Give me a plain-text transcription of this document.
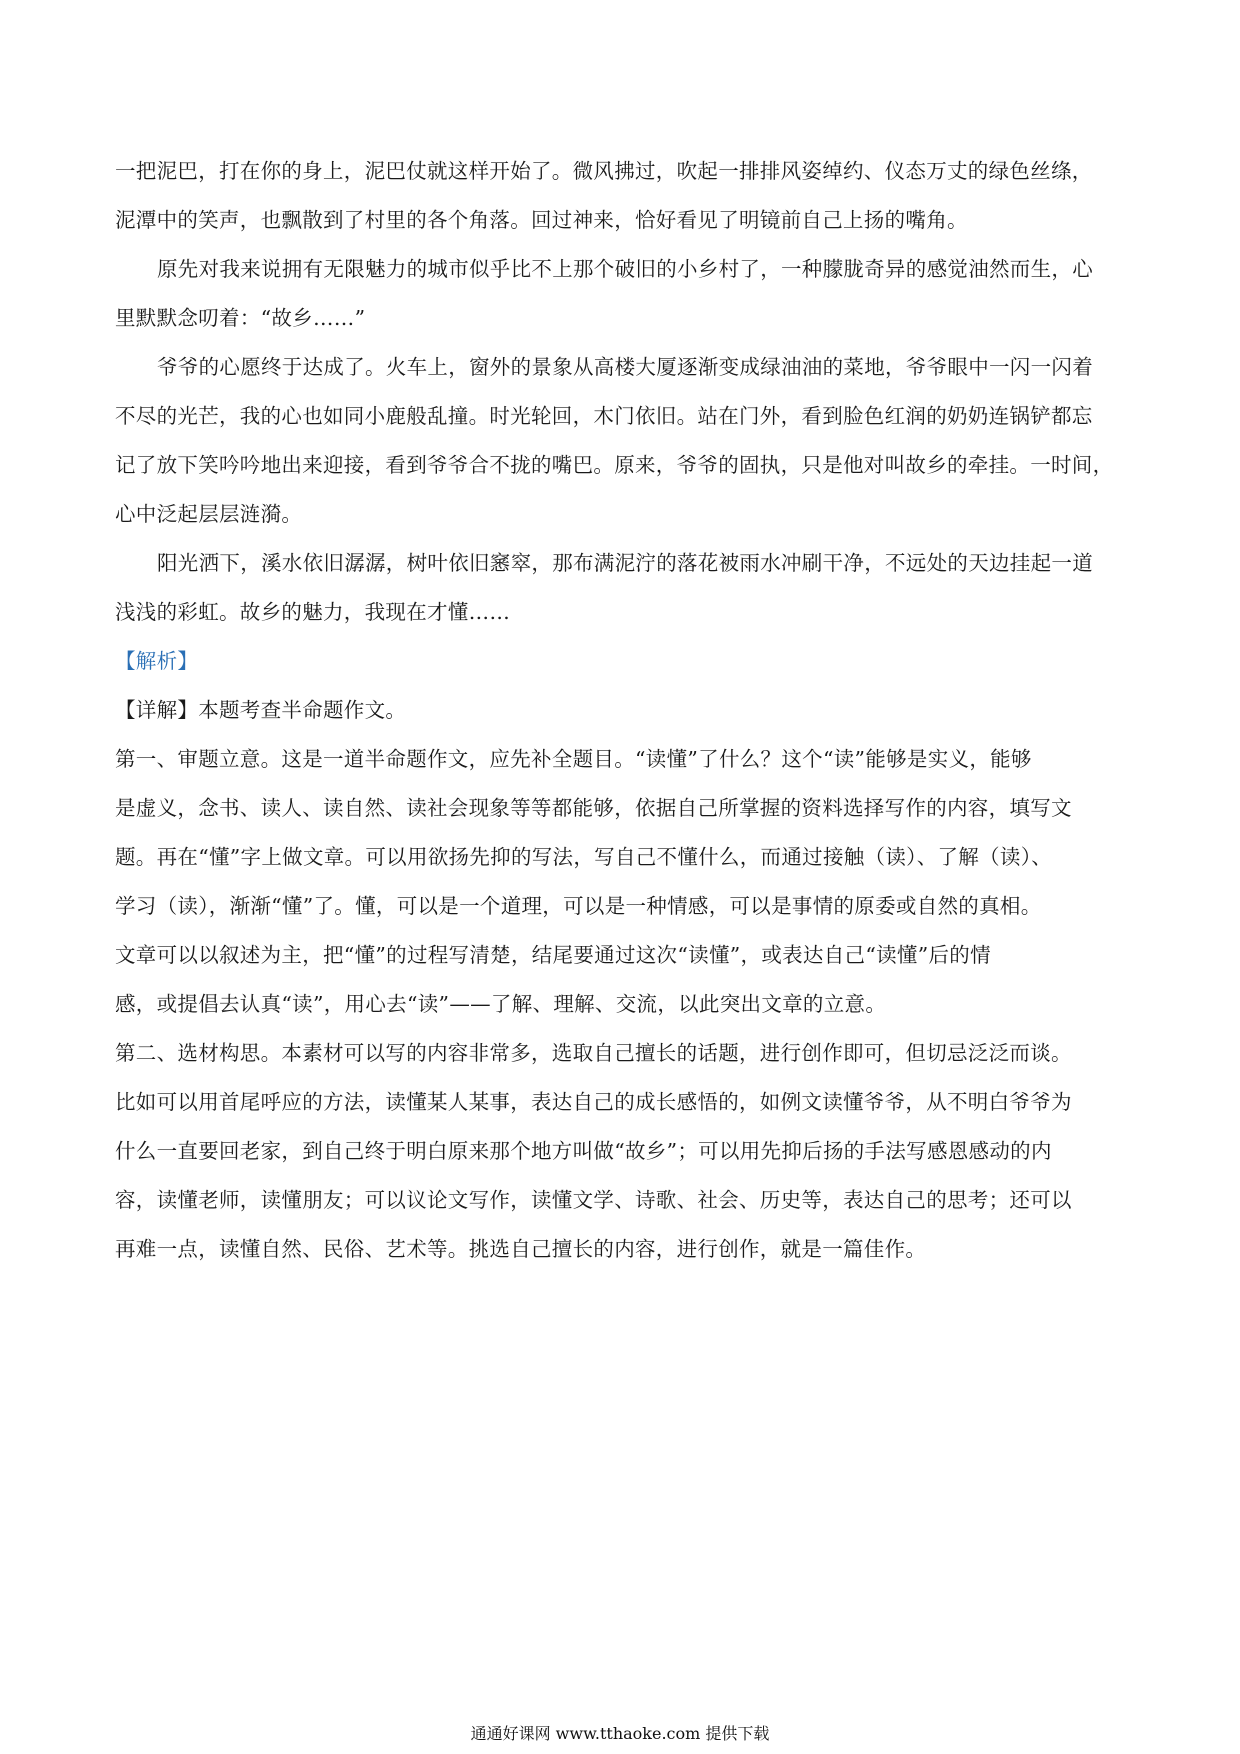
一把泥巴，打在你的身上，泥巴仗就这样开始了。微风拂过，吹起一排排风姿绰约、仪态万丈的绿色丝绦，
泥潭中的笑声，也飘散到了村里的各个角落。回过神来，恰好看见了明镜前自己上扬的嘴角。
原先对我来说拥有无限魅力的城市似乎比不上那个破旧的小乡村了，一种朦胧奇异的感觉油然而生，心
里默默念叨着：“故乡……”
爷爷的心愿终于达成了。火车上，窗外的景象从高楼大厦逐渐变成绿油油的菜地，爷爷眼中一闪一闪着
不尽的光芒，我的心也如同小鹿般乱撞。时光轮回，木门依旧。站在门外，看到脸色红润的奶奶连锅铲都忘
记了放下笑吟吟地出来迎接，看到爷爷合不拢的嘴巴。原来，爷爷的固执，只是他对叫故乡的牵挂。一时间，
心中泛起层层涟漪。
阳光洒下，溪水依旧潺潺，树叶依旧窸窣，那布满泥泞的落花被雨水冲刷干净，不远处的天边挂起一道
浅浅的彩虹。故乡的魅力，我现在才懂……
【解析】
【详解】本题考查半命题作文。
第一、审题立意。这是一道半命题作文，应先补全题目。“读懂”了什么？这个“读”能够是实义，能够
是虚义，念书、读人、读自然、读社会现象等等都能够，依据自己所掌握的资料选择写作的内容，填写文
题。再在“懂”字上做文章。可以用欲扬先抑的写法，写自己不懂什么，而通过接触（读）、了解（读）、
学习（读），渐渐“懂”了。懂，可以是一个道理，可以是一种情感，可以是事情的原委或自然的真相。
文章可以以叙述为主，把“懂”的过程写清楚，结尾要通过这次“读懂”，或表达自己“读懂”后的情
感，或提倡去认真“读”，用心去“读”——了解、理解、交流，以此突出文章的立意。
第二、选材构思。本素材可以写的内容非常多，选取自己擅长的话题，进行创作即可，但切忌泛泛而谈。
比如可以用首尾呼应的方法，读懂某人某事，表达自己的成长感悟的，如例文读懂爷爷，从不明白爷爷为
什么一直要回老家，到自己终于明白原来那个地方叫做“故乡”；可以用先抑后扬的手法写感恩感动的内
容，读懂老师，读懂朋友；可以议论文写作，读懂文学、诗歌、社会、历史等，表达自己的思考；还可以
再难一点，读懂自然、民俗、艺术等。挑选自己擅长的内容，进行创作，就是一篇佳作。
通通好课网 www.tthaoke.com 提供下载
